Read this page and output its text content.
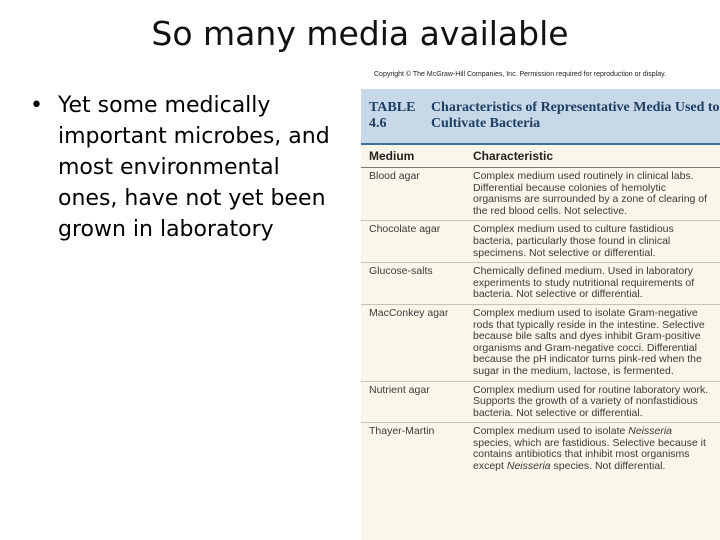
So many media available
• Yet some medically important microbes, and most environmental ones, have not yet been grown in laboratory
Copyright © The McGraw-Hill Companies, Inc. Permission required for reproduction or display.
TABLE 4.6
Characteristics of Representative Media Used to Cultivate Bacteria
Medium	Characteristic
Blood agar	Complex medium used routinely in clinical labs. Differential because colonies of hemolytic organisms are surrounded by a zone of clearing of the red blood cells. Not selective.
Chocolate agar	Complex medium used to culture fastidious bacteria, particularly those found in clinical specimens. Not selective or differential.
Glucose-salts	Chemically defined medium. Used in laboratory experiments to study nutritional requirements of bacteria. Not selective or differential.
MacConkey agar	Complex medium used to isolate Gram-negative rods that typically reside in the intestine. Selective because bile salts and dyes inhibit Gram-positive organisms and Gram-negative cocci. Differential because the pH indicator turns pink-red when the sugar in the medium, lactose, is fermented.
Nutrient agar	Complex medium used for routine laboratory work. Supports the growth of a variety of nonfastidious bacteria. Not selective or differential.
Thayer-Martin	Complex medium used to isolate Neisseria species, which are fastidious. Selective because it contains antibiotics that inhibit most organisms except Neisseria species. Not differential.
